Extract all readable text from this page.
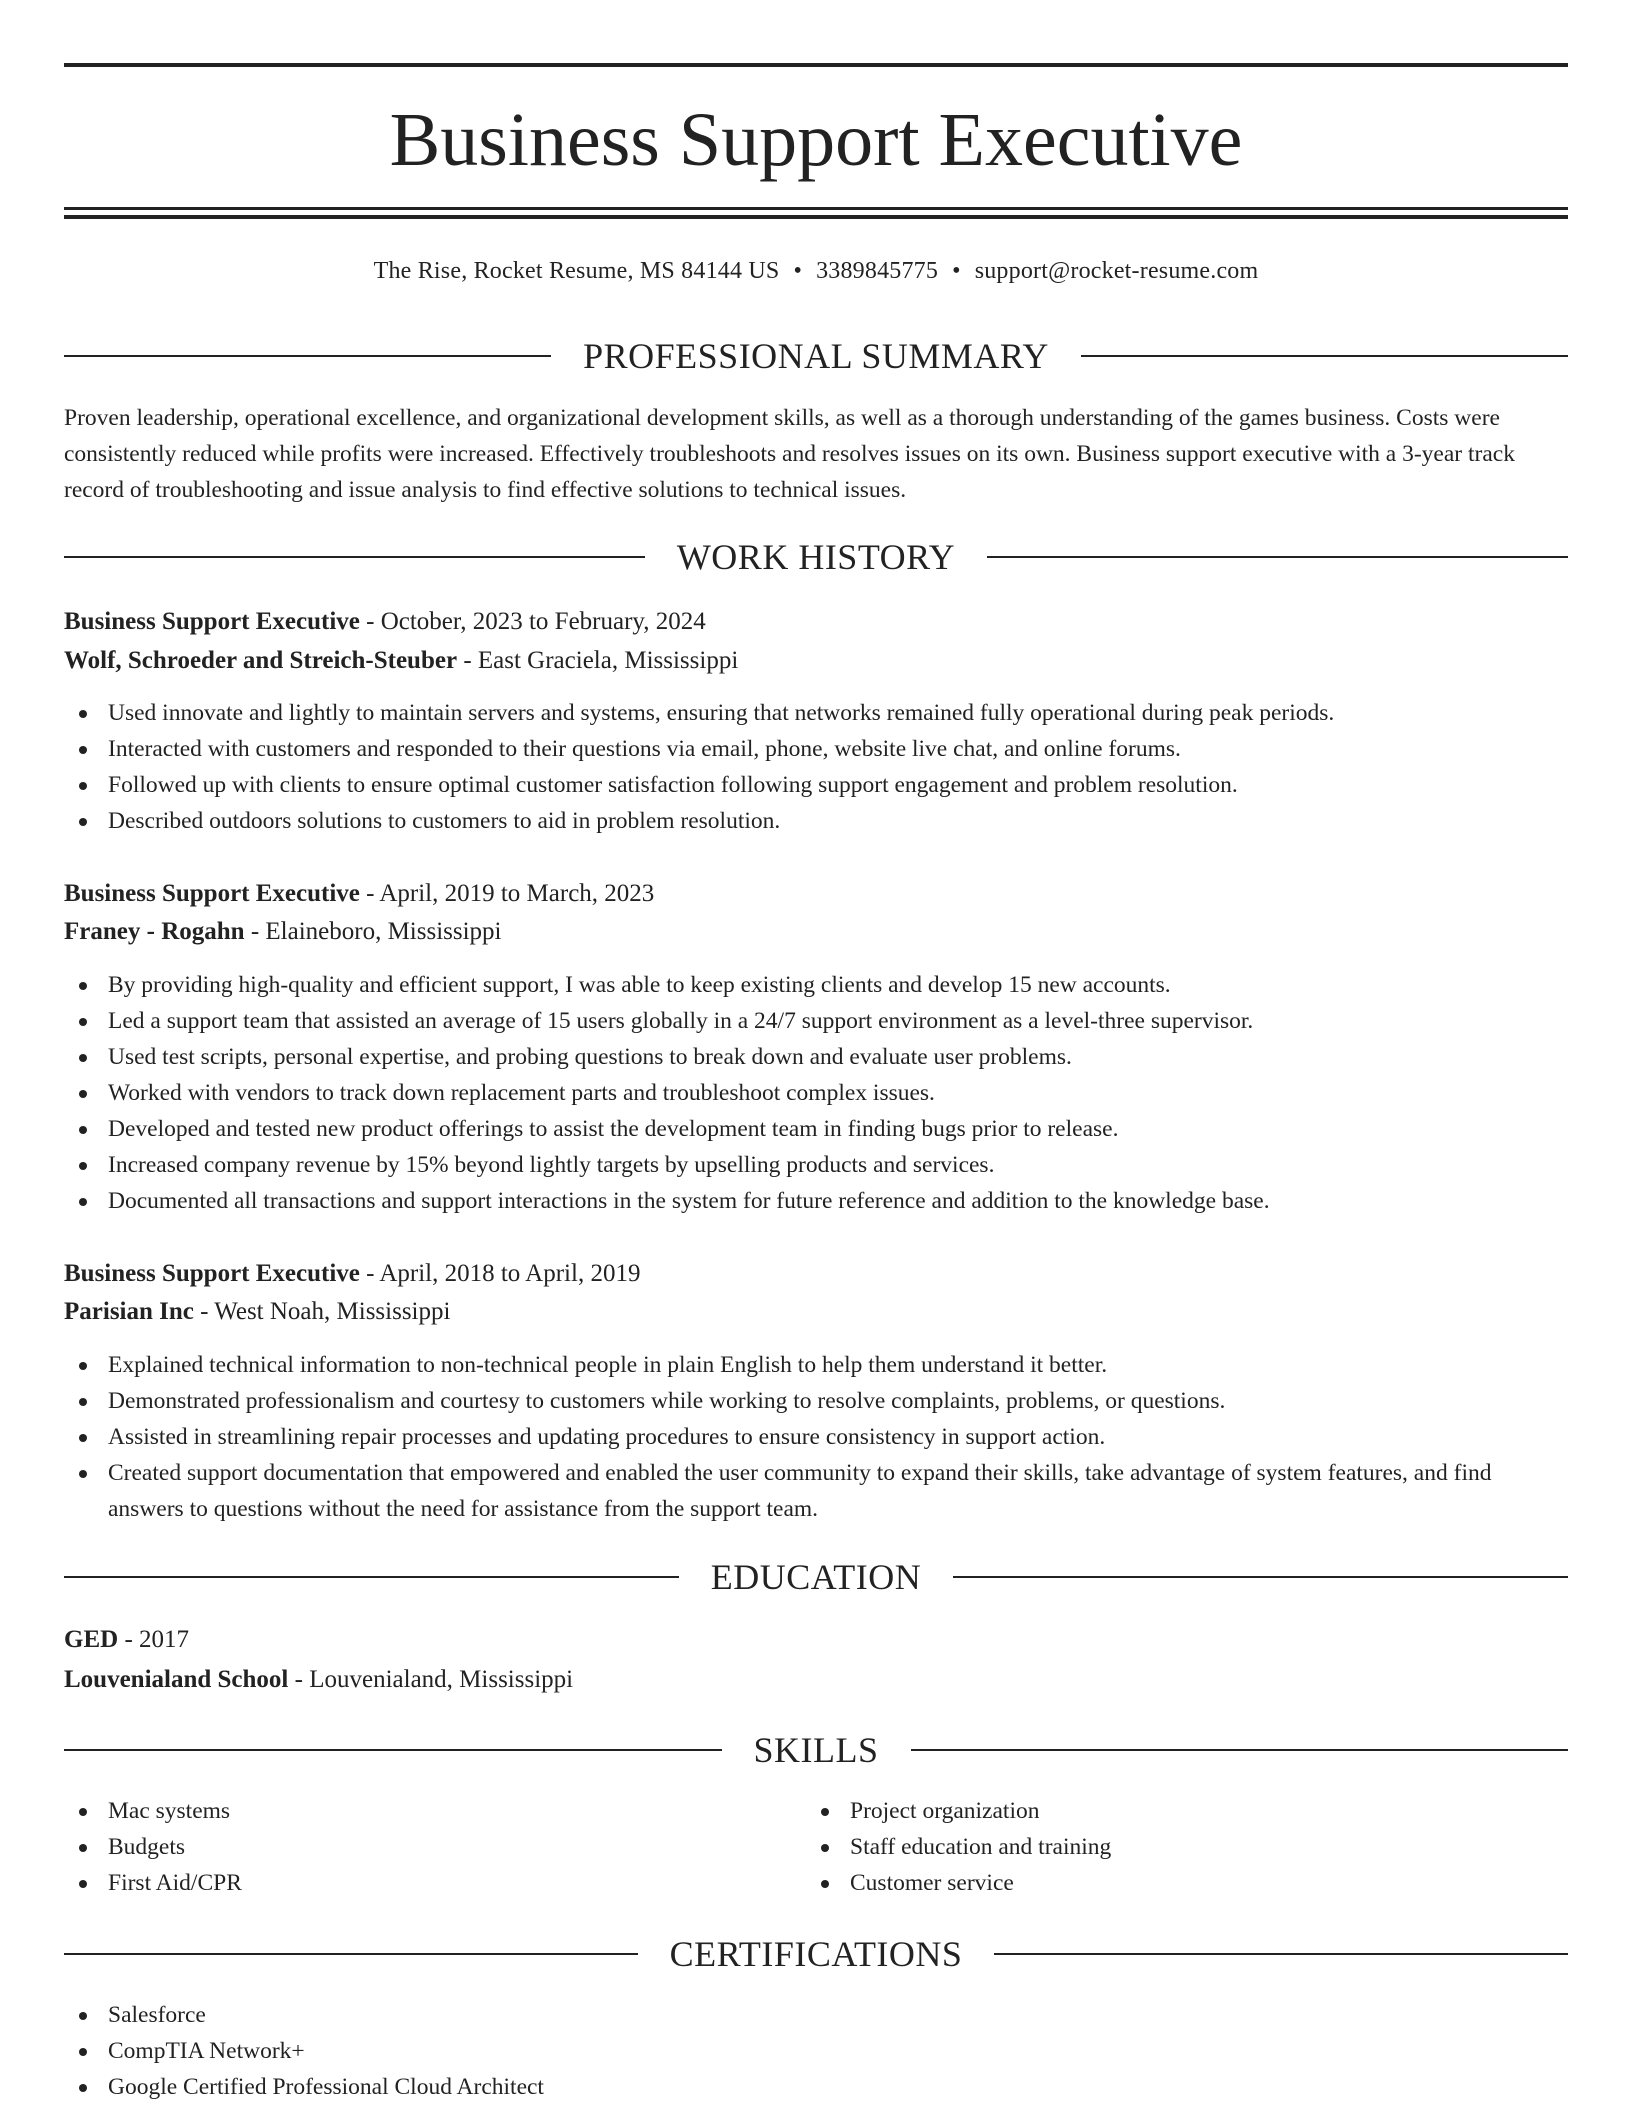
Business Support Executive
The Rise, Rocket Resume, MS 84144 US • 3389845775 • support@rocket-resume.com
PROFESSIONAL SUMMARY
Proven leadership, operational excellence, and organizational development skills, as well as a thorough understanding of the games business. Costs were consistently reduced while profits were increased. Effectively troubleshoots and resolves issues on its own. Business support executive with a 3-year track record of troubleshooting and issue analysis to find effective solutions to technical issues.
WORK HISTORY
Business Support Executive - October, 2023 to February, 2024
Wolf, Schroeder and Streich-Steuber - East Graciela, Mississippi
Used innovate and lightly to maintain servers and systems, ensuring that networks remained fully operational during peak periods.
Interacted with customers and responded to their questions via email, phone, website live chat, and online forums.
Followed up with clients to ensure optimal customer satisfaction following support engagement and problem resolution.
Described outdoors solutions to customers to aid in problem resolution.
Business Support Executive - April, 2019 to March, 2023
Franey - Rogahn - Elaineboro, Mississippi
By providing high-quality and efficient support, I was able to keep existing clients and develop 15 new accounts.
Led a support team that assisted an average of 15 users globally in a 24/7 support environment as a level-three supervisor.
Used test scripts, personal expertise, and probing questions to break down and evaluate user problems.
Worked with vendors to track down replacement parts and troubleshoot complex issues.
Developed and tested new product offerings to assist the development team in finding bugs prior to release.
Increased company revenue by 15% beyond lightly targets by upselling products and services.
Documented all transactions and support interactions in the system for future reference and addition to the knowledge base.
Business Support Executive - April, 2018 to April, 2019
Parisian Inc - West Noah, Mississippi
Explained technical information to non-technical people in plain English to help them understand it better.
Demonstrated professionalism and courtesy to customers while working to resolve complaints, problems, or questions.
Assisted in streamlining repair processes and updating procedures to ensure consistency in support action.
Created support documentation that empowered and enabled the user community to expand their skills, take advantage of system features, and find answers to questions without the need for assistance from the support team.
EDUCATION
GED - 2017
Louvenialand School - Louvenialand, Mississippi
SKILLS
Mac systems
Budgets
First Aid/CPR
Project organization
Staff education and training
Customer service
CERTIFICATIONS
Salesforce
CompTIA Network+
Google Certified Professional Cloud Architect
